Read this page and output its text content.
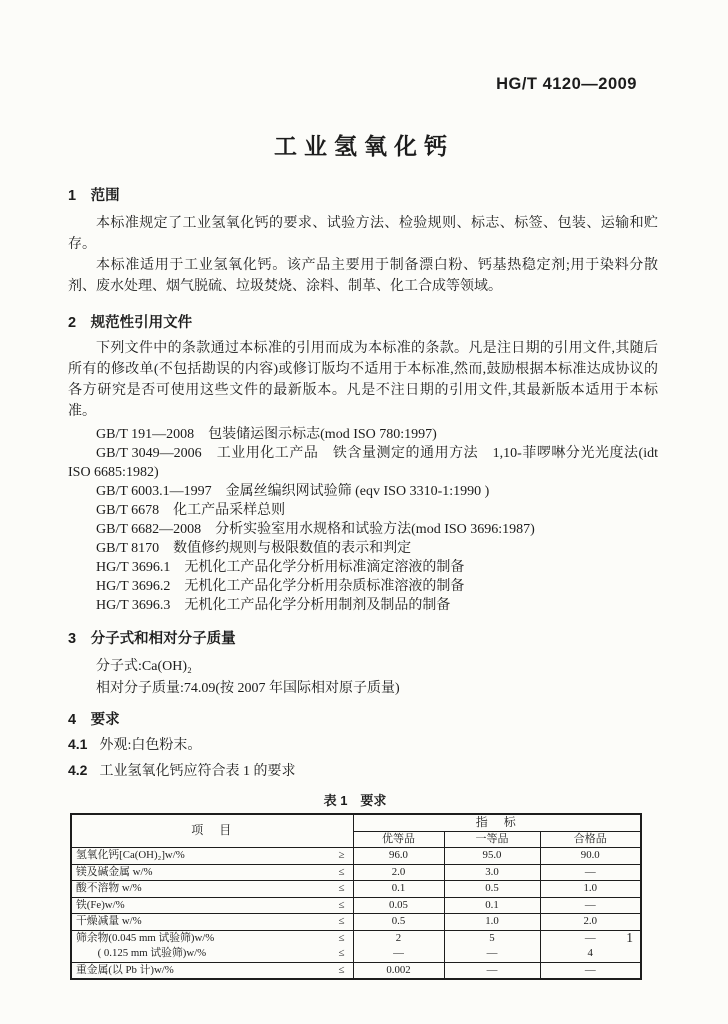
HG/T 4120—2009
工业氢氧化钙

1　范围

本标准规定了工业氢氧化钙的要求、试验方法、检验规则、标志、标签、包装、运输和贮存。

本标准适用于工业氢氧化钙。该产品主要用于制备漂白粉、钙基热稳定剂;用于染料分散剂、废水处理、烟气脱硫、垃圾焚烧、涂料、制革、化工合成等领域。

2　规范性引用文件

下列文件中的条款通过本标准的引用而成为本标准的条款。凡是注日期的引用文件,其随后所有的修改单(不包括勘误的内容)或修订版均不适用于本标准,然而,鼓励根据本标准达成协议的各方研究是否可使用这些文件的最新版本。凡是不注日期的引用文件,其最新版本适用于本标准。

GB/T 191—2008　包装储运图示标志(mod ISO 780:1997)
GB/T 3049—2006　工业用化工产品　铁含量测定的通用方法　1,10-菲啰啉分光光度法(idt ISO 6685:1982)
GB/T 6003.1—1997　金属丝编织网试验筛 (eqv ISO 3310-1:1990 )
GB/T 6678　化工产品采样总则
GB/T 6682—2008　分析实验室用水规格和试验方法(mod ISO 3696:1987)
GB/T 8170　数值修约规则与极限数值的表示和判定
HG/T 3696.1　无机化工产品化学分析用标准滴定溶液的制备
HG/T 3696.2　无机化工产品化学分析用杂质标准溶液的制备
HG/T 3696.3　无机化工产品化学分析用制剂及制品的制备

3　分子式和相对分子质量

分子式:Ca(OH)₂
相对分子质量:74.09(按 2007 年国际相对原子质量)

4　要求

4.1 外观:白色粉末。
4.2 工业氢氧化钙应符合表 1 的要求
表 1　要求
项　目	指　标		
	优等品	一等品	合格品

氢氧化钙[Ca(OH)₂]w/% ≥	96.0	95.0	90.0

镁及碱金属 w/% ≤	2.0	3.0	—

酸不溶物 w/% ≤	0.1	0.5	1.0

铁(Fe)w/% ≤	0.05	0.1	—

干燥减量 w/% ≤	0.5	1.0	2.0

筛余物(0.045 mm 试验筛)w/% ≤	2	5	—

　　( 0.125 mm 试验筛)w/% ≤	—	—	4

重金属(以 Pb 计)w/% ≤	0.002	—	—
1
